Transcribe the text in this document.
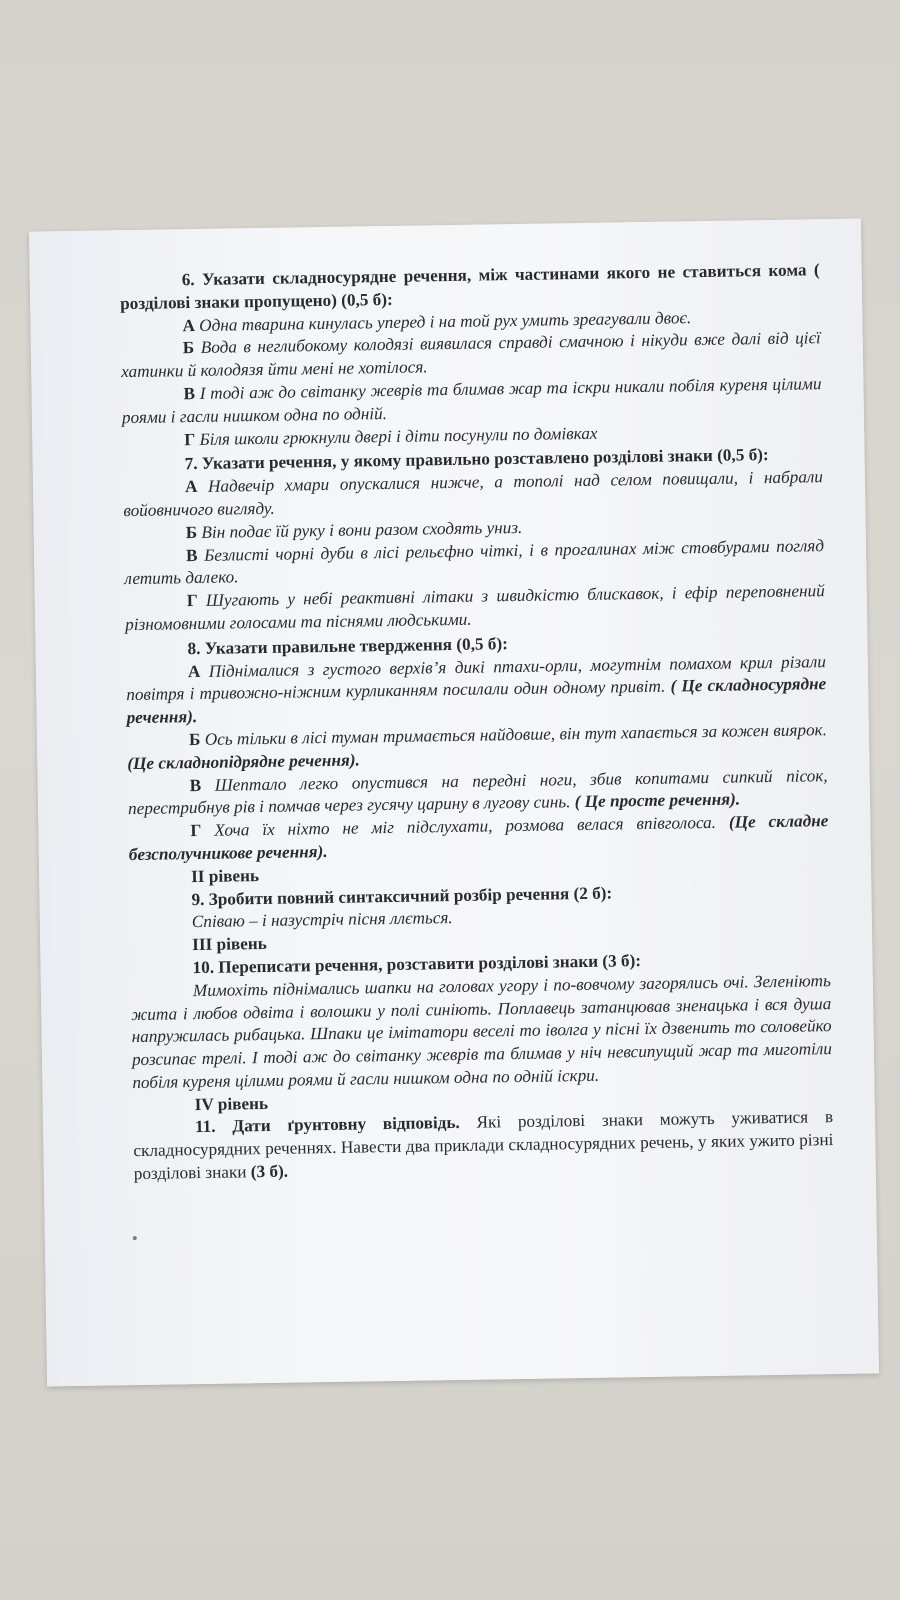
6. Указати складносурядне речення, між частинами якого не ставиться кома ( розділові знаки пропущено) (0,5 б):

А Одна тварина кинулась уперед і на той рух умить зреагували двоє.

Б Вода в неглибокому колодязі виявилася справді смачною і нікуди вже далі від цієї хатинки й колодязя йти мені не хотілося.

В І тоді аж до світанку жеврів та блимав жар та іскри никали побіля куреня цілими роями і гасли нишком одна по одній.

Г Біля школи грюкнули двері і діти посунули по домівках

7. Указати речення, у якому правильно розставлено розділові знаки (0,5 б):

А Надвечір хмари опускалися нижче, а тополі над селом повищали, і набрали войовничого вигляду.

Б Він подає їй руку і вони разом сходять униз.

В Безлисті чорні дуби в лісі рельєфно чіткі, і в прогалинах між стовбурами погляд летить далеко.

Г Шугають у небі реактивні літаки з швидкістю блискавок, і ефір переповнений різномовними голосами та піснями людськими.

8. Указати правильне твердження (0,5 б):

А Піднімалися з густого верхів’я дикі птахи-орли, могутнім помахом крил різали повітря і тривожно-ніжним курликанням посилали один одному привіт. ( Це складносурядне речення).

Б Ось тільки в лісі туман тримається найдовше, він тут хапається за кожен виярок. (Це складнопідрядне речення).

В Шептало легко опустився на передні ноги, збив копитами сипкий пісок, перестрибнув рів і помчав через гусячу царину в лугову синь. ( Це просте речення).

Г Хоча їх ніхто не міг підслухати, розмова велася впівголоса. (Це складне безсполучникове речення).

ІІ рівень

9. Зробити повний синтаксичний розбір речення (2 б):

Співаю – і назустріч пісня ллється.

ІІІ рівень

10. Переписати речення, розставити розділові знаки (3 б):

Мимохіть піднімались шапки на головах угору і по-вовчому загорялись очі. Зеленіють жита і любов одвіта і волошки у полі синіють. Поплавець затанцював зненацька і вся душа напружилась рибацька. Шпаки це імітатори веселі то іволга у пісні їх дзвенить то соловейко розсипає трелі. І тоді аж до світанку жеврів та блимав у ніч невсипущий жар та миготіли побіля куреня цілими роями й гасли нишком одна по одній іскри.

ІV рівень

11. Дати ґрунтовну відповідь. Які розділові знаки можуть уживатися в складносурядних реченнях. Навести два приклади складносурядних речень, у яких ужито різні розділові знаки (3 б).
